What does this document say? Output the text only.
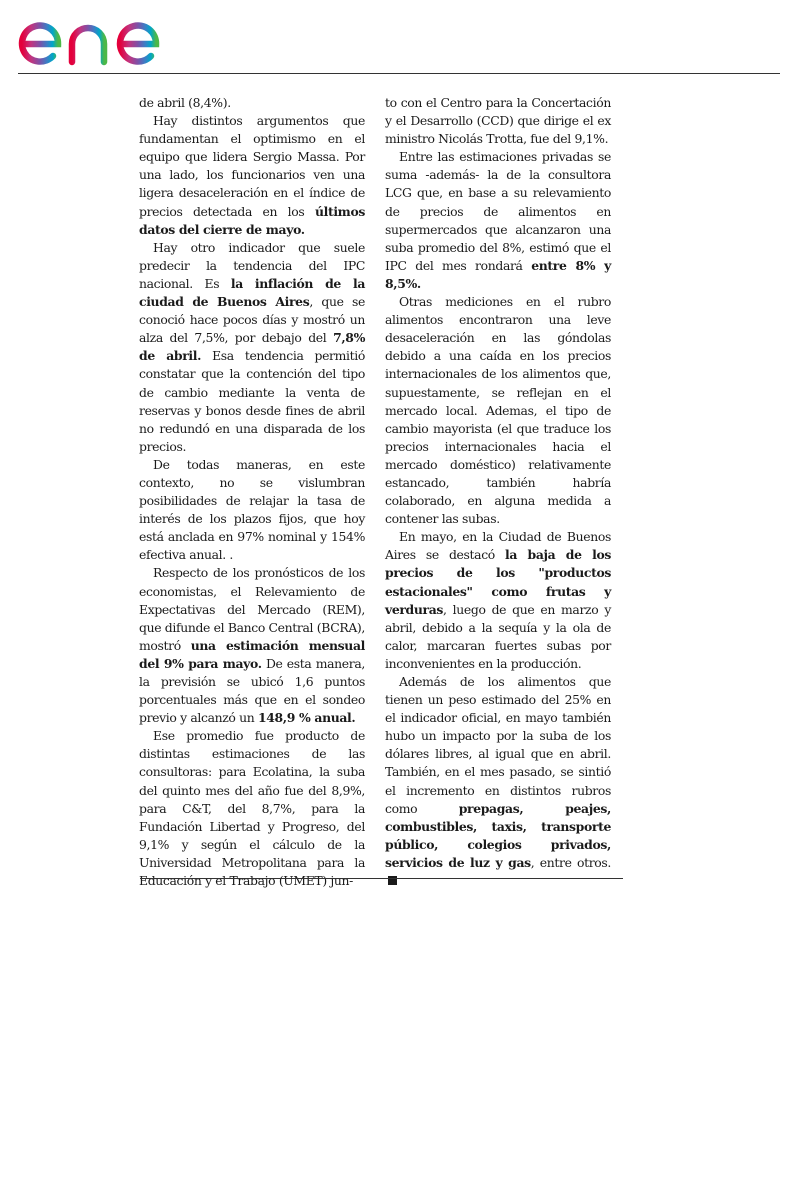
de abril (8,4%).

Hay distintos argumentos que fundamentan el optimismo en el equipo que lidera Sergio Massa. Por una lado, los funcionarios ven una ligera desaceleración en el índice de precios detectada en los últimos datos del cierre de mayo.

Hay otro indicador que suele predecir la tendencia del IPC nacional. Es la inflación de la ciudad de Buenos Aires, que se conoció hace pocos días y mostró un alza del 7,5%, por debajo del 7,8% de abril. Esa tendencia permitió constatar que la contención del tipo de cambio mediante la venta de reservas y bonos desde fines de abril no redundó en una disparada de los precios.

De todas maneras, en este contexto, no se vislumbran posibilidades de relajar la tasa de interés de los plazos fijos, que hoy está anclada en 97% nominal y 154% efectiva anual. .

Respecto de los pronósticos de los economistas, el Relevamiento de Expectativas del Mercado (REM), que difunde el Banco Central (BCRA), mostró una estimación mensual del 9% para mayo. De esta manera, la previsión se ubicó 1,6 puntos porcentuales más que en el sondeo previo y alcanzó un 148,9 % anual.

Ese promedio fue producto de distintas estimaciones de las consultoras: para Ecolatina, la suba del quinto mes del año fue del 8,9%, para C&T, del 8,7%, para la Fundación Libertad y Progreso, del 9,1% y según el cálculo de la Universidad Metropolitana para la Educación y el Trabajo (UMET) jun-

to con el Centro para la Concertación y el Desarrollo (CCD) que dirige el ex ministro Nicolás Trotta, fue del 9,1%.

Entre las estimaciones privadas se suma -además- la de la consultora LCG que, en base a su relevamiento de precios de alimentos en supermercados que alcanzaron una suba promedio del 8%, estimó que el IPC del mes rondará entre 8% y 8,5%.

Otras mediciones en el rubro alimentos encontraron una leve desaceleración en las góndolas debido a una caída en los precios internacionales de los alimentos que, supuestamente, se reflejan en el mercado local. Ademas, el tipo de cambio mayorista (el que traduce los precios internacionales hacia el mercado doméstico) relativamente estancado, también habría colaborado, en alguna medida a contener las subas.

En mayo, en la Ciudad de Buenos Aires se destacó la baja de los precios de los "productos estacionales" como frutas y verduras, luego de que en marzo y abril, debido a la sequía y la ola de calor, marcaran fuertes subas por inconvenientes en la producción.

Además de los alimentos que tienen un peso estimado del 25% en el indicador oficial, en mayo también hubo un impacto por la suba de los dólares libres, al igual que en abril. También, en el mes pasado, se sintió el incremento en distintos rubros como prepagas, peajes, combustibles, taxis, transporte público, colegios privados, servicios de luz y gas, entre otros.
